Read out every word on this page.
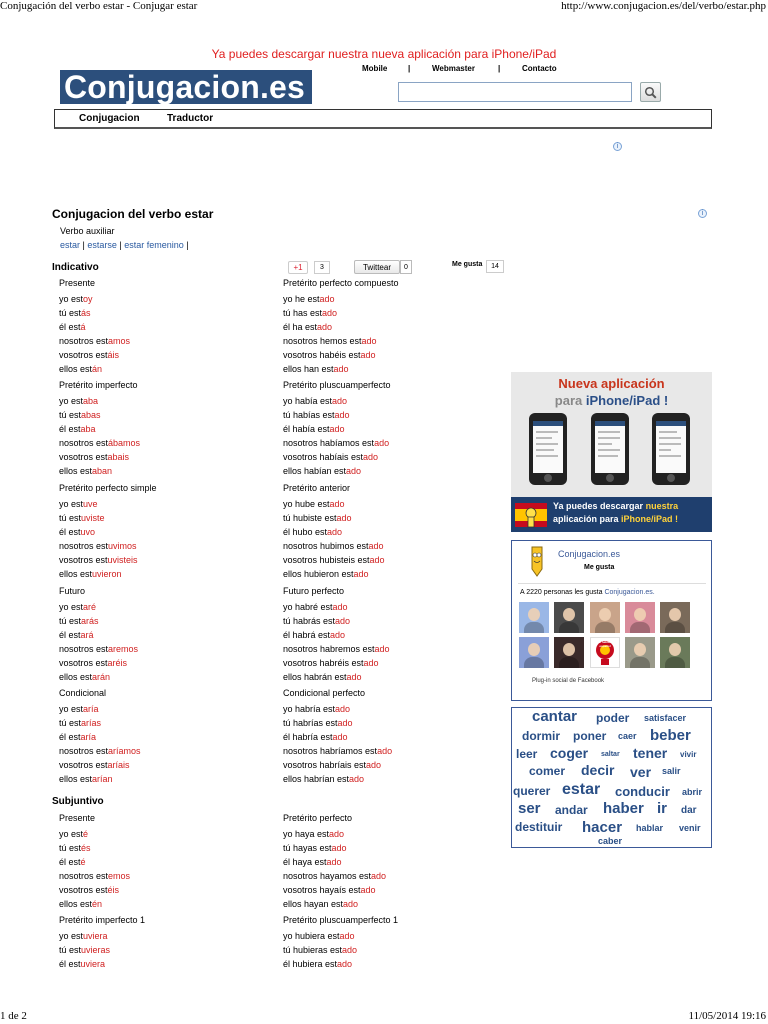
Conjugación del verbo estar - Conjugar estar	http://www.conjugacion.es/del/verbo/estar.php
Ya puedes descargar nuestra nueva aplicación para iPhone/iPad
Conjugacion.es
Mobile	|	Webmaster	|	Contacto
Conjugacion	Traductor
i
i
Conjugacion del verbo estar
Verbo auxiliar
estar | estarse | estar femenino |
+1	3	Twittear	0	Me gusta	14
Indicativo
Presente
yo estoy
tú estás
él está
nosotros estamos
vosotros estáis
ellos están
Pretérito perfecto compuesto
yo he estado
tú has estado
él ha estado
nosotros hemos estado
vosotros habéis estado
ellos han estado
Pretérito imperfecto
yo estaba
tú estabas
él estaba
nosotros estábamos
vosotros estabais
ellos estaban
Pretérito pluscuamperfecto
yo había estado
tú habías estado
él había estado
nosotros habíamos estado
vosotros habíais estado
ellos habían estado
Pretérito perfecto simple
yo estuve
tú estuviste
él estuvo
nosotros estuvimos
vosotros estuvisteis
ellos estuvieron
Pretérito anterior
yo hube estado
tú hubiste estado
él hubo estado
nosotros hubimos estado
vosotros hubisteis estado
ellos hubieron estado
Futuro
yo estaré
tú estarás
él estará
nosotros estaremos
vosotros estaréis
ellos estarán
Futuro perfecto
yo habré estado
tú habrás estado
él habrá estado
nosotros habremos estado
vosotros habréis estado
ellos habrán estado
Condicional
yo estaría
tú estarías
él estaría
nosotros estaríamos
vosotros estaríais
ellos estarían
Condicional perfecto
yo habría estado
tú habrías estado
él habría estado
nosotros habríamos estado
vosotros habríais estado
ellos habrían estado
Subjuntivo
Presente
yo esté
tú estés
él esté
nosotros estemos
vosotros estéis
ellos estén
Pretérito perfecto
yo haya estado
tú hayas estado
él haya estado
nosotros hayamos estado
vosotros hayaís estado
ellos hayan estado
Pretérito imperfecto 1
yo estuviera
tú estuvieras
él estuviera
Pretérito pluscuamperfecto 1
yo hubiera estado
tú hubieras estado
él hubiera estado
Nueva aplicación
para iPhone/iPad !
Ya puedes descargar nuestra
aplicación para iPhone/iPad !
Conjugacion.es
Me gusta
A 2220 personas les gusta Conjugacion.es.
Aquí hablamos español
Plug-in social de Facebook
cantar poder satisfacer
dormir poner caer beber
leer coger saltar tener vivir
comer decir ver salir
querer estar conducir abrir
ser andar haber ir dar
destituir hacer hablar venir
caber
1 de 2	11/05/2014 19:16
